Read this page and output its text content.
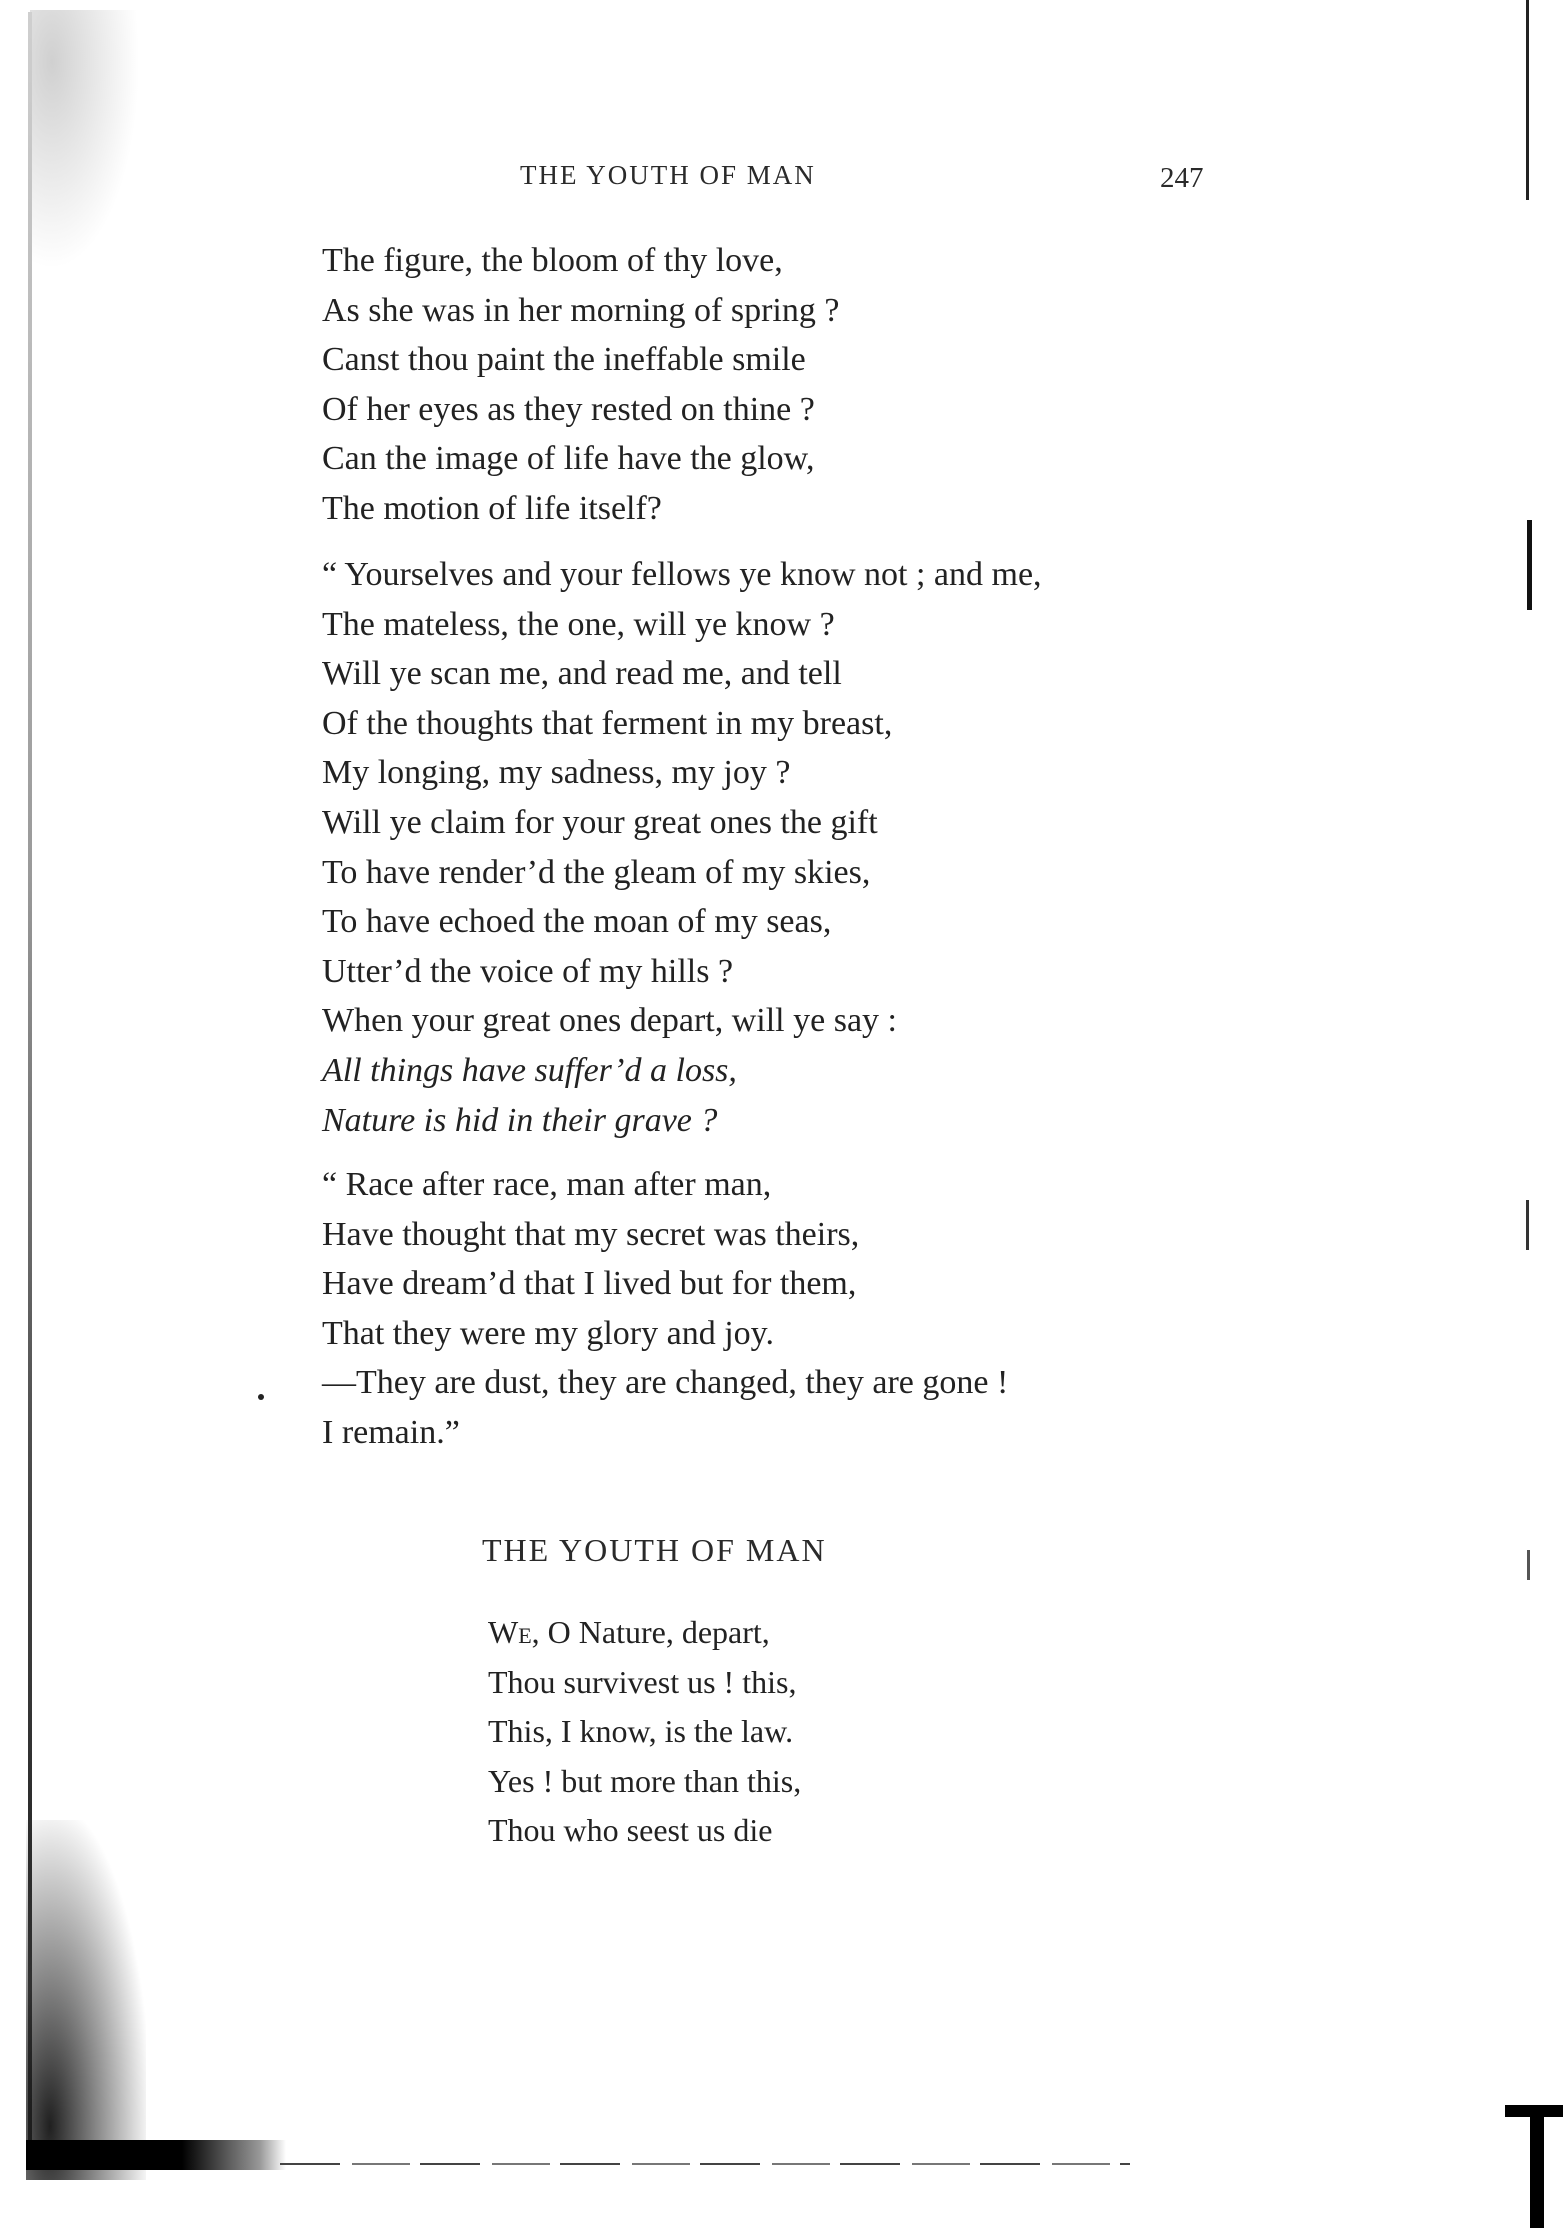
THE YOUTH OF MAN	247
The figure, the bloom of thy love,
As she was in her morning of spring ?
Canst thou paint the ineffable smile
Of her eyes as they rested on thine ?
Can the image of life have the glow,
The motion of life itself?
“ Yourselves and your fellows ye know not ; and me,
The mateless, the one, will ye know ?
Will ye scan me, and read me, and tell
Of the thoughts that ferment in my breast,
My longing, my sadness, my joy ?
Will ye claim for your great ones the gift
To have render’d the gleam of my skies,
To have echoed the moan of my seas,
Utter’d the voice of my hills ?
When your great ones depart, will ye say :
All things have suffer’d a loss,
Nature is hid in their grave ?
“ Race after race, man after man,
Have thought that my secret was theirs,
Have dream’d that I lived but for them,
That they were my glory and joy.
—They are dust, they are changed, they are gone !
I remain.”
THE YOUTH OF MAN
We, O Nature, depart,
Thou survivest us ! this,
This, I know, is the law.
Yes ! but more than this,
Thou who seest us die
